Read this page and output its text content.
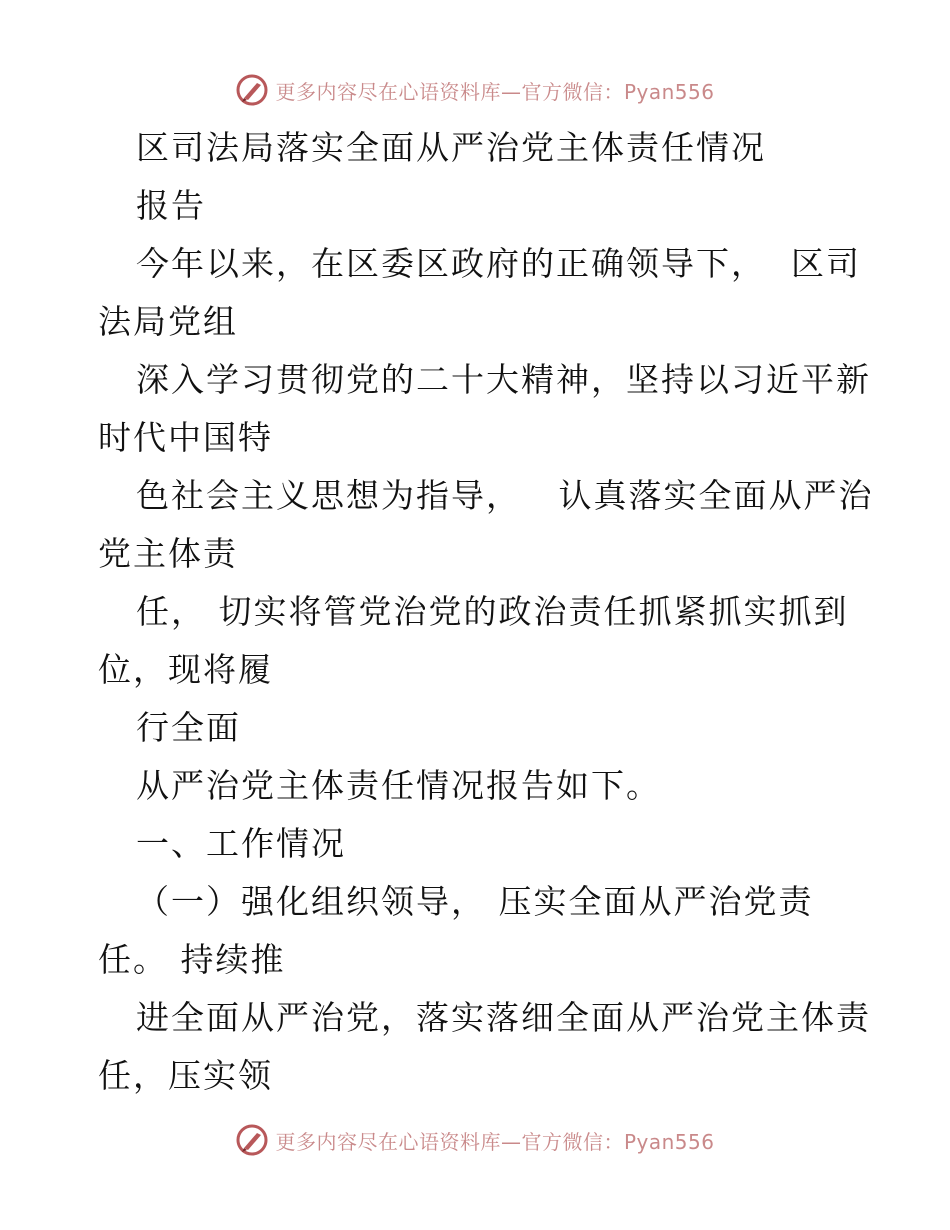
更多内容尽在心语资料库—官方微信：Pyan556
区司法局落实全面从严治党主体责任情况
报告
今年以来，在区委区政府的正确领导下，  区司
法局党组
深入学习贯彻党的二十大精神，坚持以习近平新
时代中国特
色社会主义思想为指导，   认真落实全面从严治
党主体责
任， 切实将管党治党的政治责任抓紧抓实抓到
位，现将履
行全面
从严治党主体责任情况报告如下。
一、工作情况
（一）强化组织领导， 压实全面从严治党责
任。 持续推
进全面从严治党，落实落细全面从严治党主体责
任，压实领
更多内容尽在心语资料库—官方微信：Pyan556
